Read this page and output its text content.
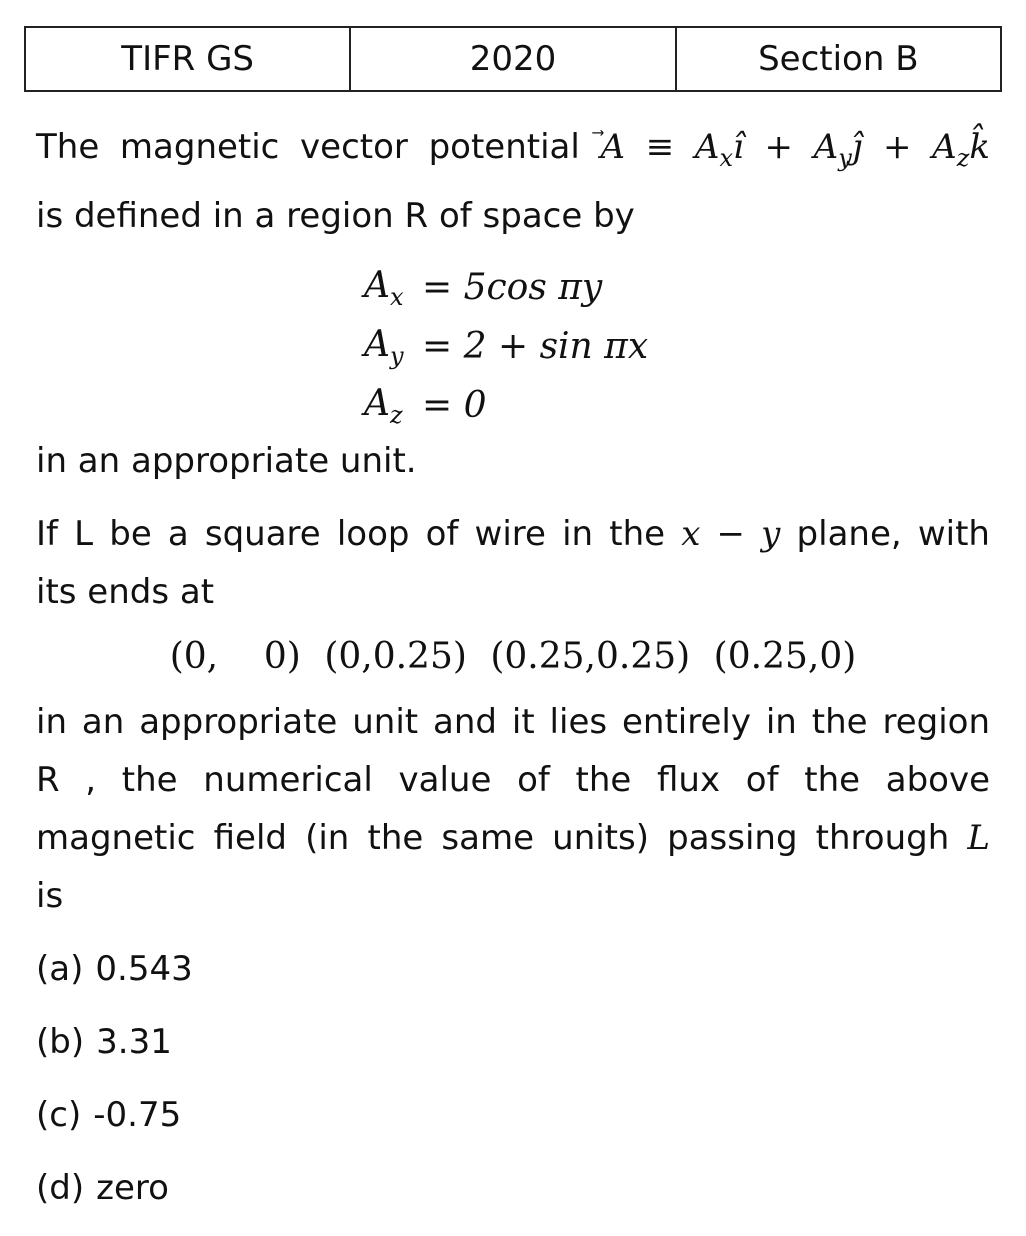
TIFR GS	2020	Section B
The magnetic vector potential A
≡ $A_xı̂$ + $A_yȷ̂$ + $A_zk̂$
is defined in a region R of space by
$A_x = 5\cos$ πy
$A_y = 2 + \sin \pi x$
$A_z = 0$
in an appropriate unit.
If L be a square loop of wire in the x − y plane, with
its ends at
(0,    0) (0,0.25) (0.25,0.25) (0.25,0)
in an appropriate unit and it lies entirely in the region
R , the numerical value of the flux of the above
magnetic field (in the same units) passing through L
is
(a) 0.543
(b) 3.31
(c) -0.75
(d) zero
